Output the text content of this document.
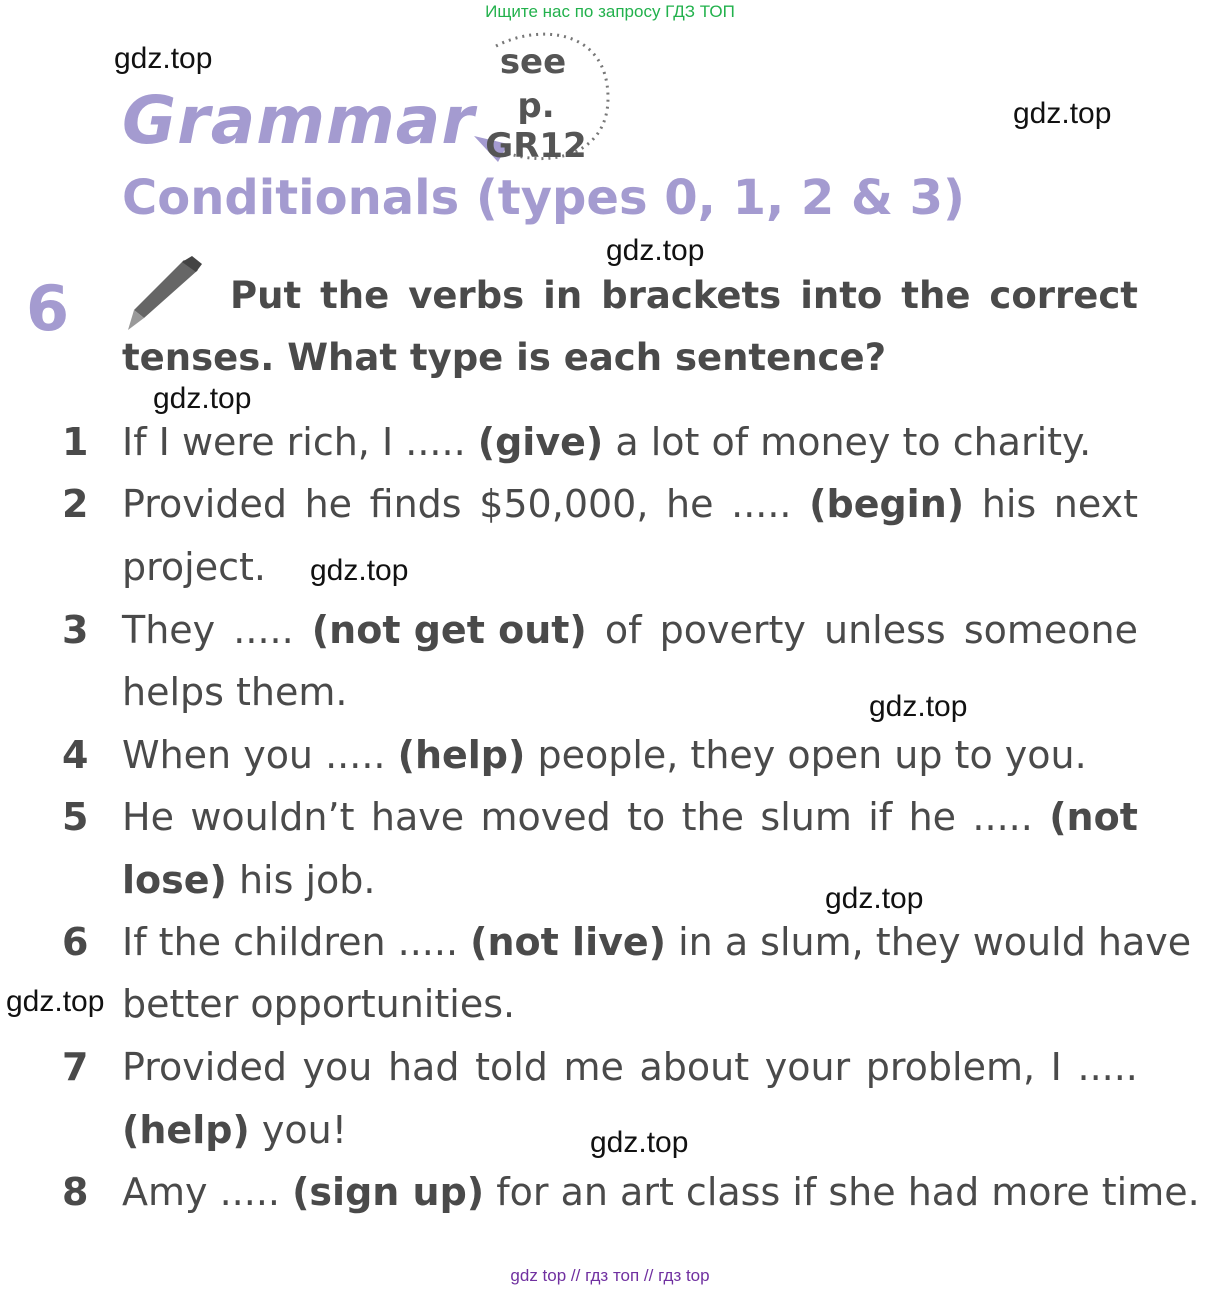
Ищите нас по запросу ГДЗ ТОП
gdz.top
gdz.top
gdz.top
gdz.top
gdz.top
gdz.top
gdz.top
gdz.top
gdz.top
Grammar
see
p. GR12
Conditionals (types 0, 1, 2 & 3)
6	Put the verbs in brackets into the correct
tenses. What type is each sentence?
1 If I were rich, I ..... (give) a lot of money to charity.
2 Provided he finds $50,000, he ..... (begin) his next
project.
3 They ..... (not get out) of poverty unless someone
helps them.
4 When you ..... (help) people, they open up to you.
5 He wouldn’t have moved to the slum if he ..... (not
lose) his job.
6 If the children ..... (not live) in a slum, they would have
better opportunities.
7 Provided you had told me about your problem, I .....
(help) you!
8 Amy ..... (sign up) for an art class if she had more time.
gdz top // гдз топ // гдз top
